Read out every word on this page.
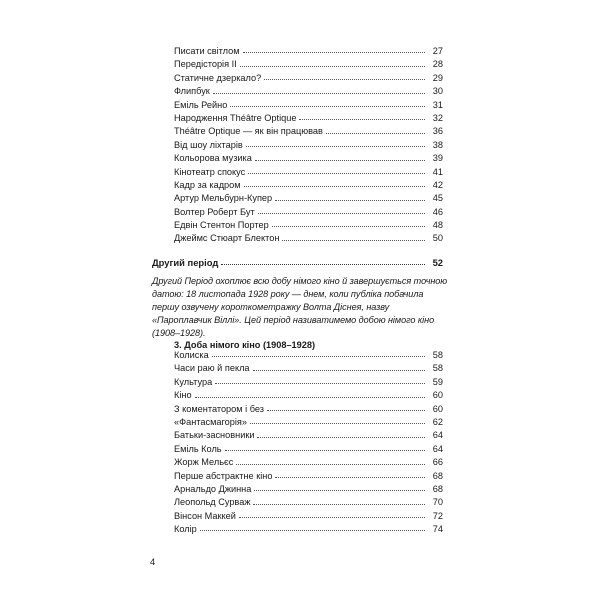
Писати світлом	27
Передісторія II	28
Статичне дзеркало?	29
Флипбук	30
Еміль Рейно	31
Народження Théâtre Optique	32
Théâtre Optique — як він працював	36
Від шоу ліхтарів	38
Кольорова музика	39
Кінотеатр спокус	41
Кадр за кадром	42
Артур Мельбурн-Купер	45
Волтер Роберт Бут	46
Едвін Стентон Портер	48
Джеймс Стюарт Блектон	50
Другий період	52

Другий Період охоплює всю добу німого кіно й завершується точною датою: 18 листопада 1928 року — днем, коли публіка побачила першу озвучену короткометражку Волта Діснея, назву «Пароплавчик Віллі». Цей період називатимемо добою німого кіно (1908–1928).

3. Доба німого кіно (1908–1928)

Колиска	58
Часи раю й пекла	58
Культура	59
Кіно	60
З коментатором і без	60
«Фантасмагорія»	62
Батьки-засновники	64
Еміль Коль	64
Жорж Мельєс	66
Перше абстрактне кіно	68
Арнальдо Джинна	68
Леопольд Сурваж	70
Вінсон Маккей	72
Колір	74
4
